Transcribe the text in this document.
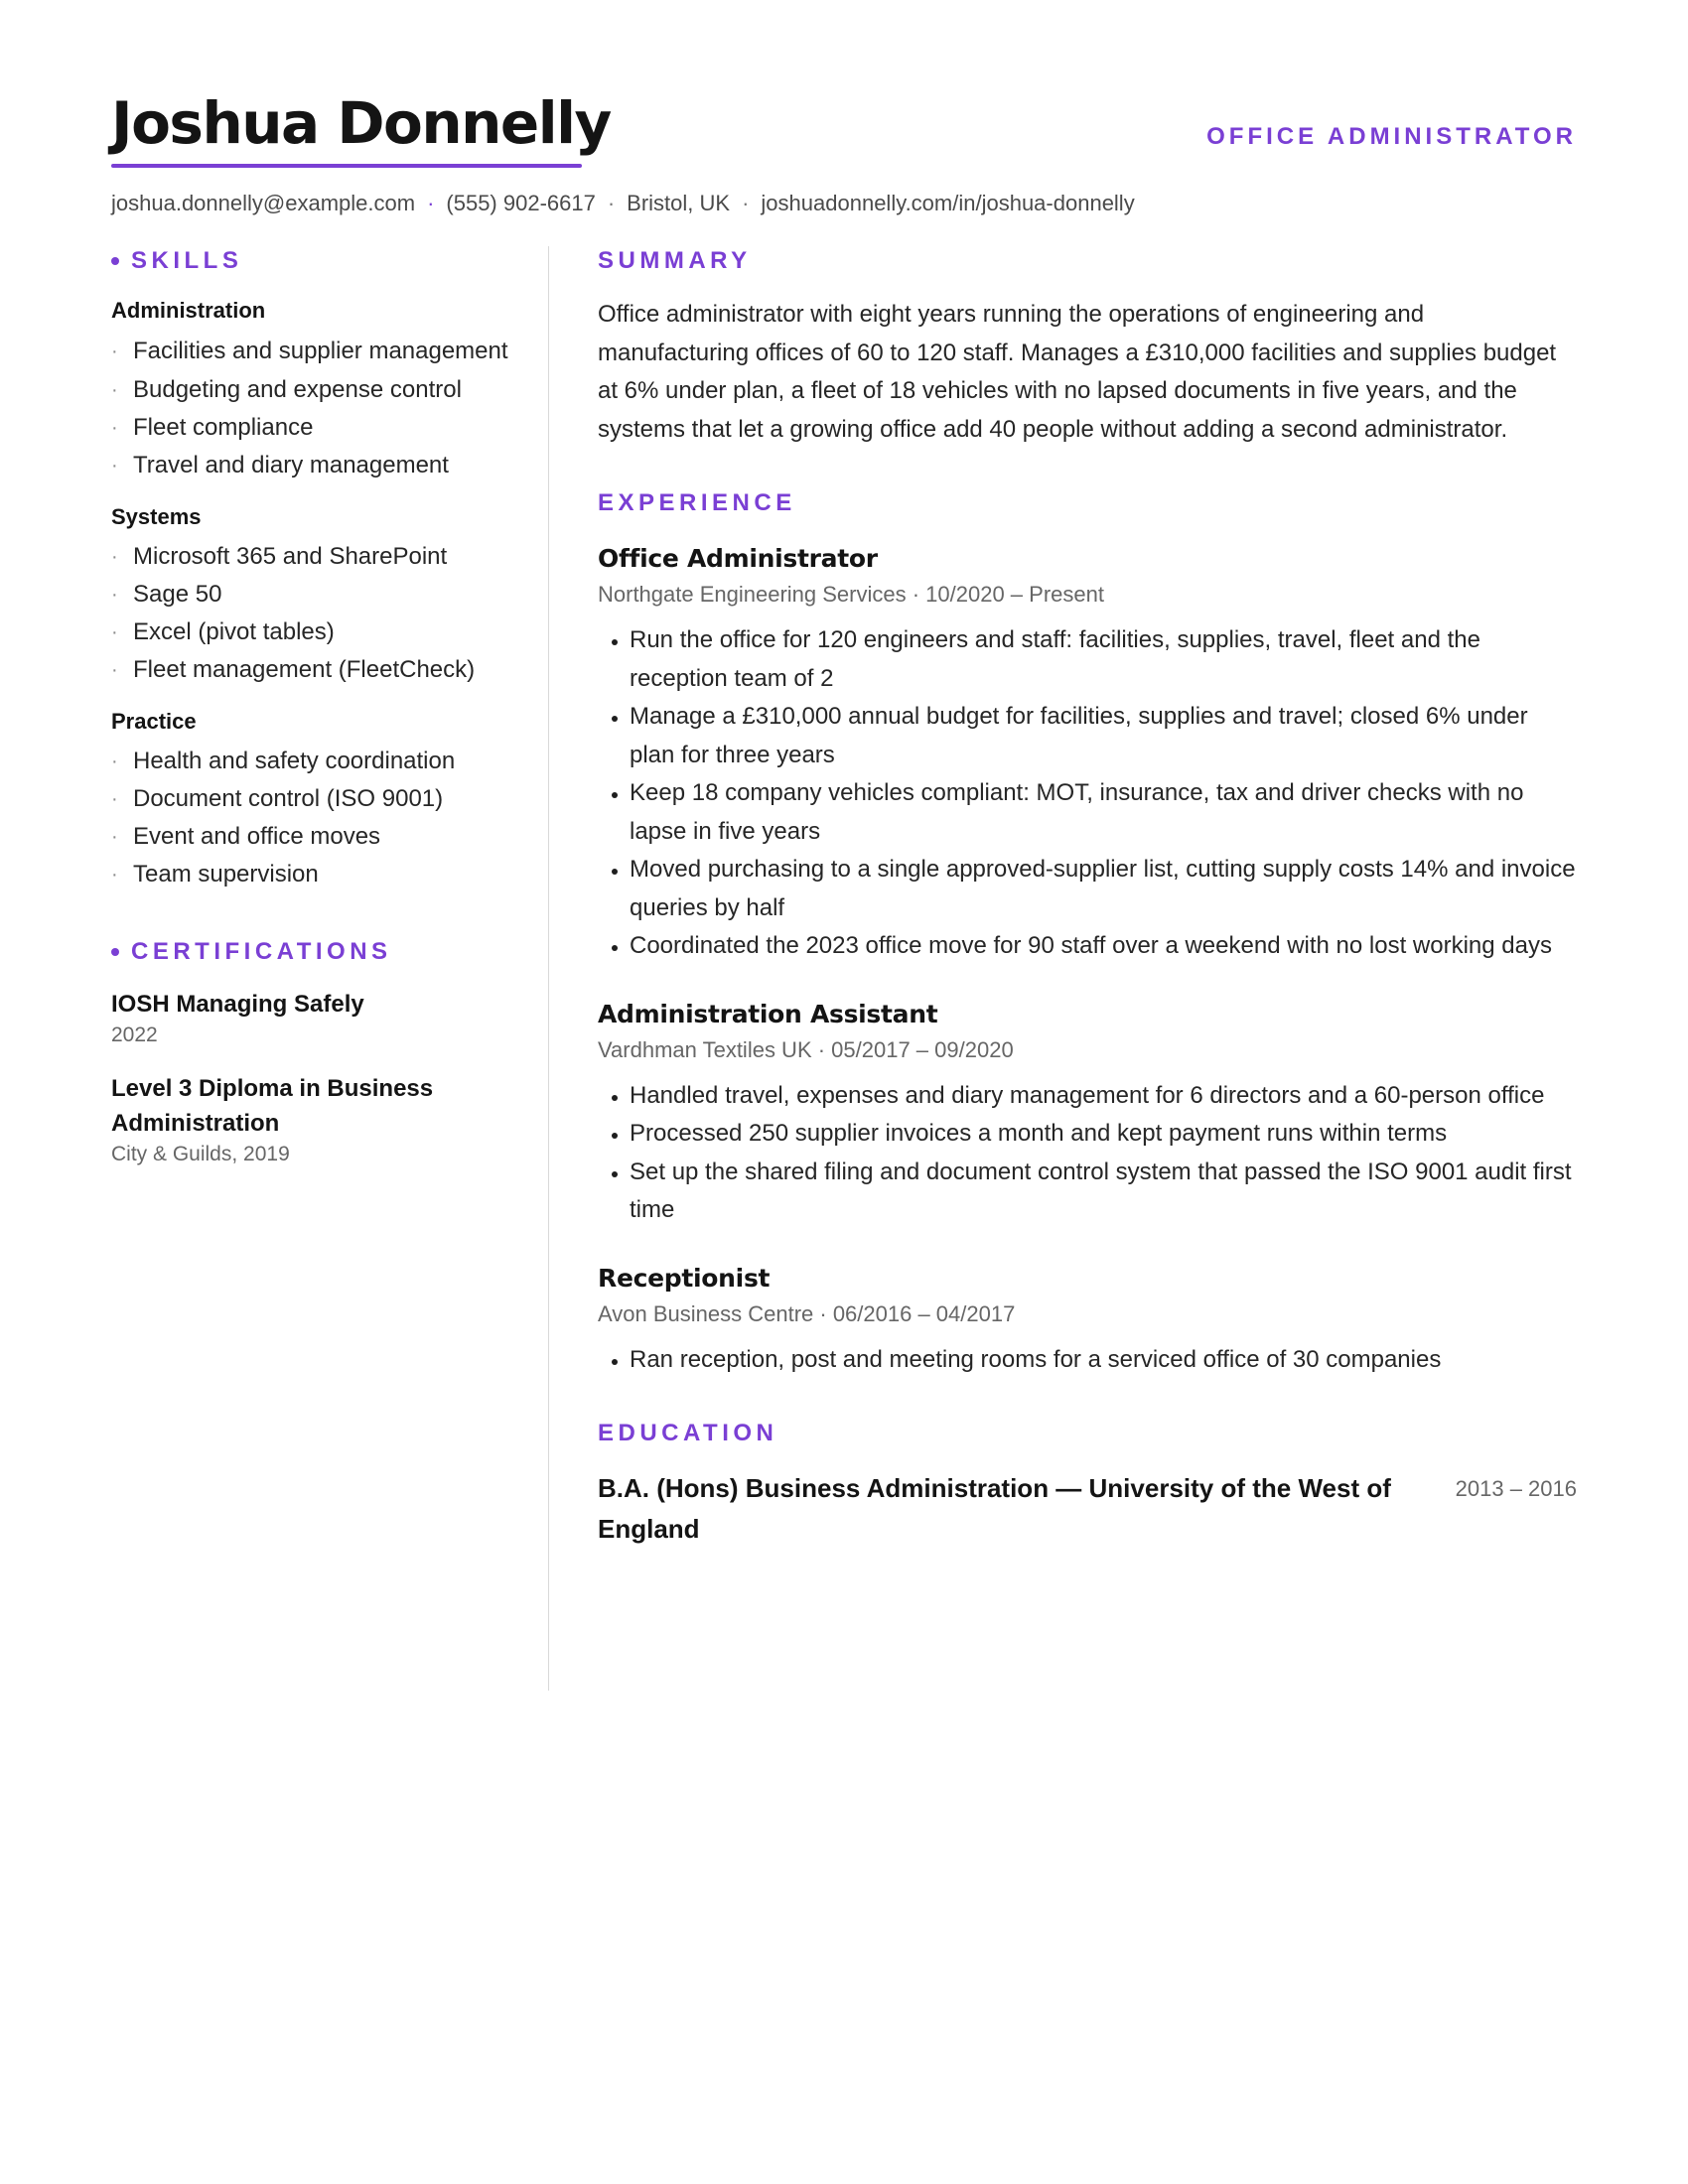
Joshua Donnelly	OFFICE ADMINISTRATOR
joshua.donnelly@example.com · (555) 902-6617 · Bristol, UK · joshuadonnelly.com/in/joshua-donnelly
SKILLS
Administration
· Facilities and supplier management
· Budgeting and expense control
· Fleet compliance
· Travel and diary management
Systems
· Microsoft 365 and SharePoint
· Sage 50
· Excel (pivot tables)
· Fleet management (FleetCheck)
Practice
· Health and safety coordination
· Document control (ISO 9001)
· Event and office moves
· Team supervision
CERTIFICATIONS

IOSH Managing Safely

2022

Level 3 Diploma in Business Administration

City & Guilds, 2019

SUMMARY

Office administrator with eight years running the operations of engineering and manufacturing offices of 60 to 120 staff. Manages a £310,000 facilities and supplies budget at 6% under plan, a fleet of 18 vehicles with no lapsed documents in five years, and the systems that let a growing office add 40 people without adding a second administrator.

EXPERIENCE
Office Administrator

Northgate Engineering Services · 10/2020 – Present

• Run the office for 120 engineers and staff: facilities, supplies, travel, fleet and the reception team of 2
• Manage a £310,000 annual budget for facilities, supplies and travel; closed 6% under plan for three years
• Keep 18 company vehicles compliant: MOT, insurance, tax and driver checks with no lapse in five years
• Moved purchasing to a single approved-supplier list, cutting supply costs 14% and invoice queries by half
• Coordinated the 2023 office move for 90 staff over a weekend with no lost working days
Administration Assistant

Vardhman Textiles UK · 05/2017 – 09/2020

• Handled travel, expenses and diary management for 6 directors and a 60-person office
• Processed 250 supplier invoices a month and kept payment runs within terms
• Set up the shared filing and document control system that passed the ISO 9001 audit first time
Receptionist

Avon Business Centre · 06/2016 – 04/2017

• Ran reception, post and meeting rooms for a serviced office of 30 companies
EDUCATION

B.A. (Hons) Business Administration — University of the West of England

2013 – 2016
